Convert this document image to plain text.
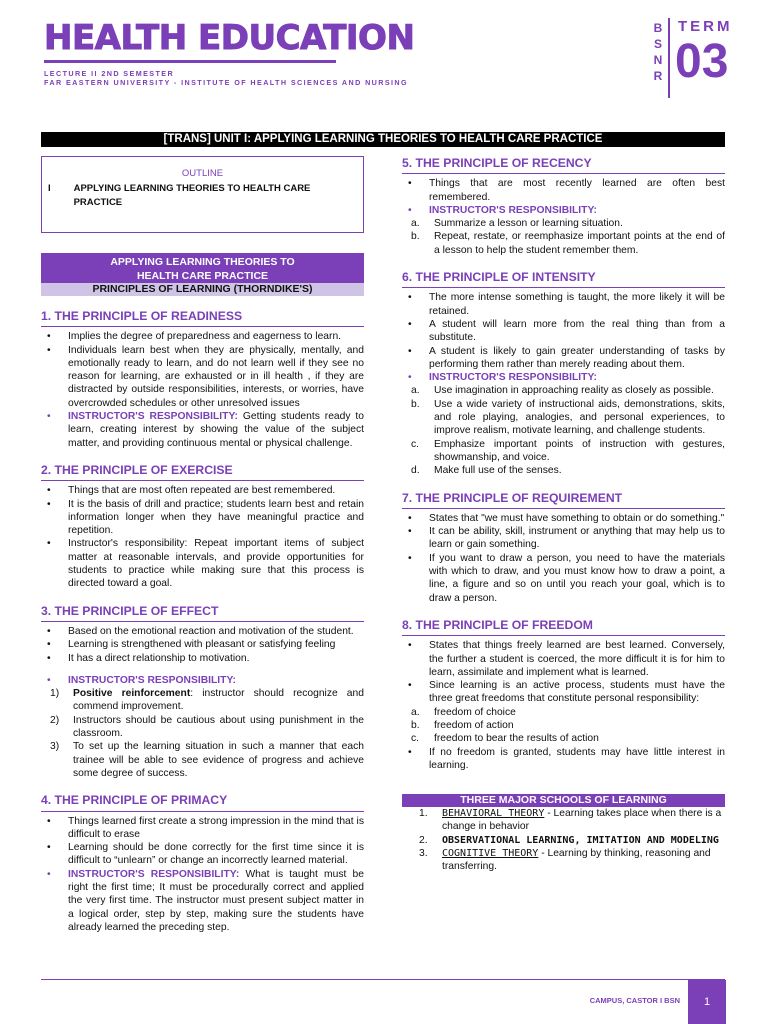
HEALTH EDUCATION
LECTURE II 2ND SEMESTER
FAR EASTERN UNIVERSITY - INSTITUTE OF HEALTH SCIENCES AND NURSING
B
S
N
R
TERM
03
[TRANS] UNIT I: APPLYING LEARNING THEORIES TO HEALTH CARE PRACTICE
OUTLINE
I	APPLYING LEARNING THEORIES TO HEALTH CARE PRACTICE
APPLYING LEARNING THEORIES TO
HEALTH CARE PRACTICE
PRINCIPLES OF LEARNING (THORNDIKE'S)
1. THE PRINCIPLE OF READINESS
• Implies the degree of preparedness and eagerness to learn.
• Individuals learn best when they are physically, mentally, and emotionally ready to learn, and do not learn well if they see no reason for learning, are exhausted or in ill health , if they are distracted by outside responsibilities, interests, or worries, have overcrowded schedules or other unresolved issues
• INSTRUCTOR'S RESPONSIBILITY: Getting students ready to learn, creating interest by showing the value of the subject matter, and providing continuous mental or physical challenge.
2. THE PRINCIPLE OF EXERCISE
• Things that are most often repeated are best remembered.
• It is the basis of drill and practice; students learn best and retain information longer when they have meaningful practice and repetition.
• Instructor's responsibility: Repeat important items of subject matter at reasonable intervals, and provide opportunities for students to practice while making sure that this process is directed toward a goal.
3. THE PRINCIPLE OF EFFECT
• Based on the emotional reaction and motivation of the student.
• Learning is strengthened with pleasant or satisfying feeling
• It has a direct relationship to motivation.
• INSTRUCTOR'S RESPONSIBILITY:
1) Positive reinforcement: instructor should recognize and commend improvement.
2) Instructors should be cautious about using punishment in the classroom.
3) To set up the learning situation in such a manner that each trainee will be able to see evidence of progress and achieve some degree of success.
4. THE PRINCIPLE OF PRIMACY
• Things learned first create a strong impression in the mind that is difficult to erase
• Learning should be done correctly for the first time since it is difficult to “unlearn” or change an incorrectly learned material.
• INSTRUCTOR'S RESPONSIBILITY: What is taught must be right the first time; It must be procedurally correct and applied the very first time. The instructor must present subject matter in a logical order, step by step, making sure the students have already learned the preceding step.
5. THE PRINCIPLE OF RECENCY
• Things that are most recently learned are often best remembered.
• INSTRUCTOR'S RESPONSIBILITY:
a. Summarize a lesson or learning situation.
b. Repeat, restate, or reemphasize important points at the end of a lesson to help the student remember them.
6. THE PRINCIPLE OF INTENSITY
• The more intense something is taught, the more likely it will be retained.
• A student will learn more from the real thing than from a substitute.
• A student is likely to gain greater understanding of tasks by performing them rather than merely reading about them.
• INSTRUCTOR'S RESPONSIBILITY:
a. Use imagination in approaching reality as closely as possible.
b. Use a wide variety of instructional aids, demonstrations, skits, and role playing, analogies, and personal experiences, to improve realism, motivate learning, and challenge students.
c. Emphasize important points of instruction with gestures, showmanship, and voice.
d. Make full use of the senses.
7. THE PRINCIPLE OF REQUIREMENT
• States that "we must have something to obtain or do something."
• It can be ability, skill, instrument or anything that may help us to learn or gain something.
• If you want to draw a person, you need to have the materials with which to draw, and you must know how to draw a point, a line, a figure and so on until you reach your goal, which is to draw a person.
8. THE PRINCIPLE OF FREEDOM
• States that things freely learned are best learned. Conversely, the further a student is coerced, the more difficult it is for him to learn, assimilate and implement what is learned.
• Since learning is an active process, students must have the three great freedoms that constitute personal responsibility:
a. freedom of choice
b. freedom of action
c. freedom to bear the results of action
• If no freedom is granted, students may have little interest in learning.
THREE MAJOR SCHOOLS OF LEARNING
1. BEHAVIORAL THEORY - Learning takes place when there is a change in behavior
2. OBSERVATIONAL LEARNING, IMITATION AND MODELING
3. COGNITIVE THEORY - Learning by thinking, reasoning and transferring.
CAMPUS, CASTOR I BSN	1
